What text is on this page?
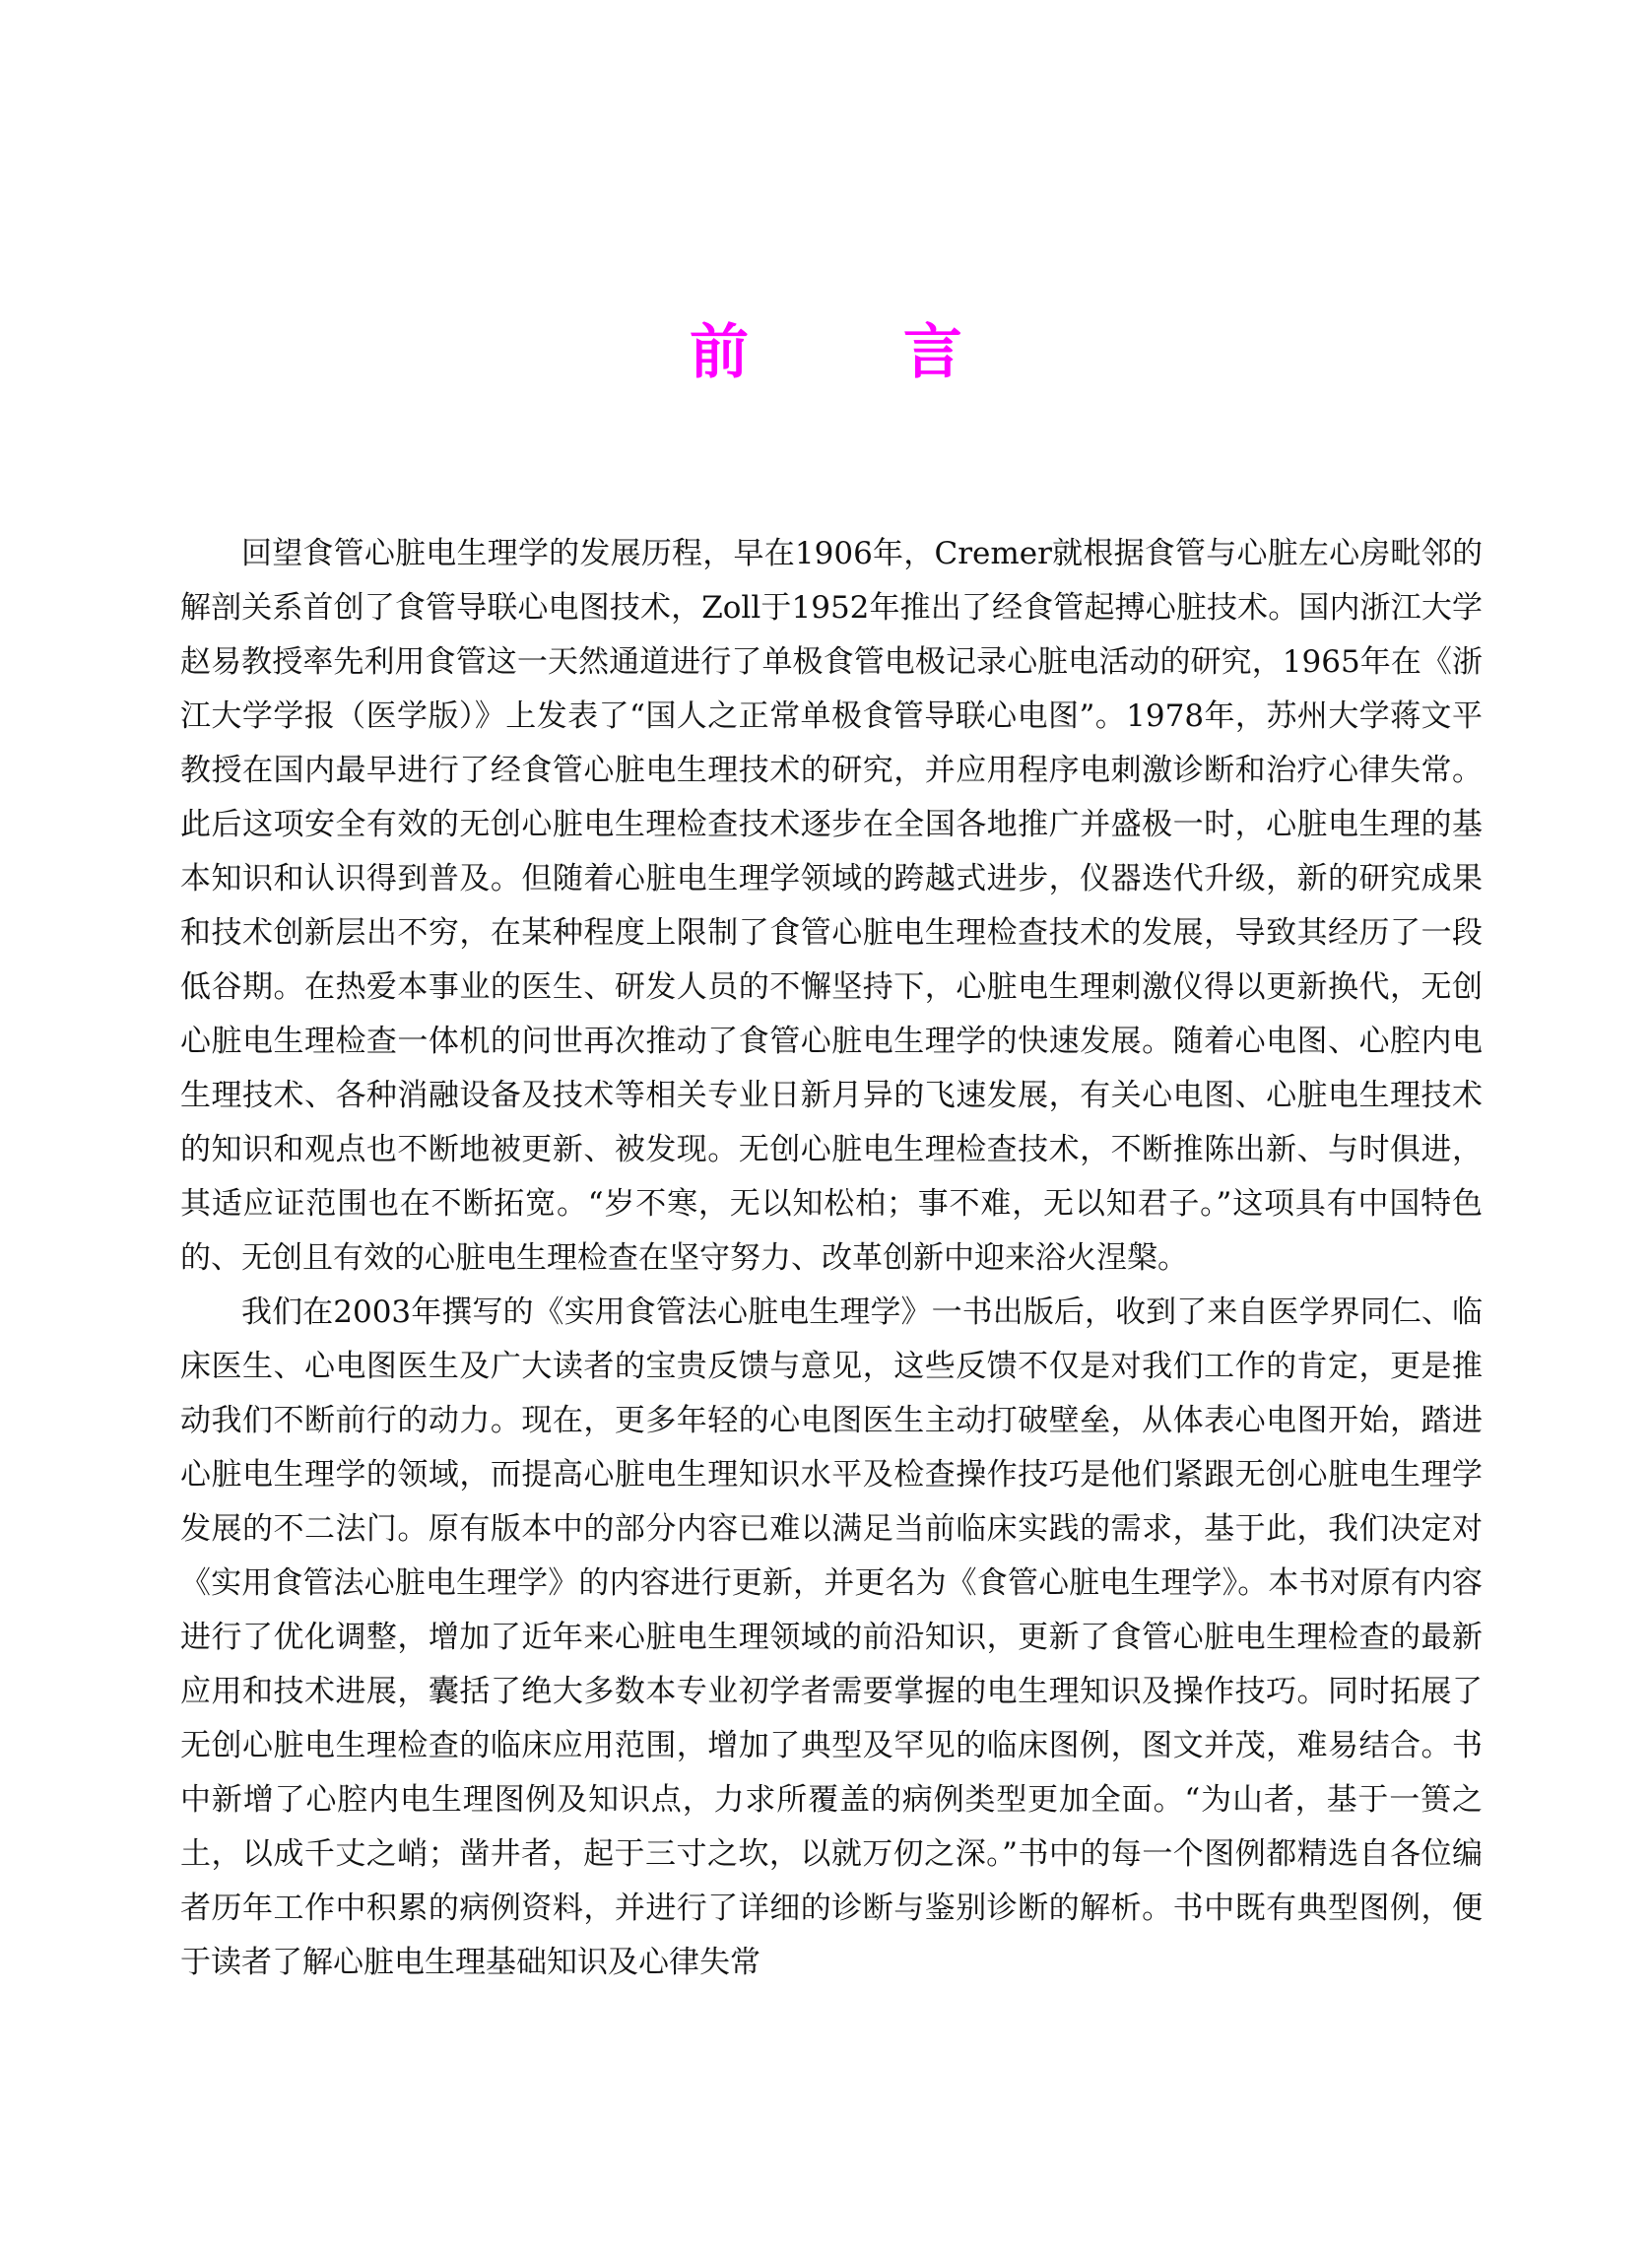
前 言

回望食管心脏电生理学的发展历程，早在1906年，Cremer就根据食管与心脏左心房毗邻的解剖关系首创了食管导联心电图技术，Zoll于1952年推出了经食管起搏心脏技术。国内浙江大学赵易教授率先利用食管这一天然通道进行了单极食管电极记录心脏电活动的研究，1965年在《浙江大学学报（医学版）》上发表了“国人之正常单极食管导联心电图”。1978年，苏州大学蒋文平教授在国内最早进行了经食管心脏电生理技术的研究，并应用程序电刺激诊断和治疗心律失常。此后这项安全有效的无创心脏电生理检查技术逐步在全国各地推广并盛极一时，心脏电生理的基本知识和认识得到普及。但随着心脏电生理学领域的跨越式进步，仪器迭代升级，新的研究成果和技术创新层出不穷，在某种程度上限制了食管心脏电生理检查技术的发展，导致其经历了一段低谷期。在热爱本事业的医生、研发人员的不懈坚持下，心脏电生理刺激仪得以更新换代，无创心脏电生理检查一体机的问世再次推动了食管心脏电生理学的快速发展。随着心电图、心腔内电生理技术、各种消融设备及技术等相关专业日新月异的飞速发展，有关心电图、心脏电生理技术的知识和观点也不断地被更新、被发现。无创心脏电生理检查技术，不断推陈出新、与时俱进，其适应证范围也在不断拓宽。“岁不寒，无以知松柏；事不难，无以知君子。”这项具有中国特色的、无创且有效的心脏电生理检查在坚守努力、改革创新中迎来浴火涅槃。

我们在2003年撰写的《实用食管法心脏电生理学》一书出版后，收到了来自医学界同仁、临床医生、心电图医生及广大读者的宝贵反馈与意见，这些反馈不仅是对我们工作的肯定，更是推动我们不断前行的动力。现在，更多年轻的心电图医生主动打破壁垒，从体表心电图开始，踏进心脏电生理学的领域，而提高心脏电生理知识水平及检查操作技巧是他们紧跟无创心脏电生理学发展的不二法门。原有版本中的部分内容已难以满足当前临床实践的需求，基于此，我们决定对《实用食管法心脏电生理学》的内容进行更新，并更名为《食管心脏电生理学》。本书对原有内容进行了优化调整，增加了近年来心脏电生理领域的前沿知识，更新了食管心脏电生理检查的最新应用和技术进展，囊括了绝大多数本专业初学者需要掌握的电生理知识及操作技巧。同时拓展了无创心脏电生理检查的临床应用范围，增加了典型及罕见的临床图例，图文并茂，难易结合。书中新增了心腔内电生理图例及知识点，力求所覆盖的病例类型更加全面。“为山者，基于一篑之土，以成千丈之峭；凿井者，起于三寸之坎，以就万仞之深。”书中的每一个图例都精选自各位编者历年工作中积累的病例资料，并进行了详细的诊断与鉴别诊断的解析。书中既有典型图例，便于读者了解心脏电生理基础知识及心律失常
